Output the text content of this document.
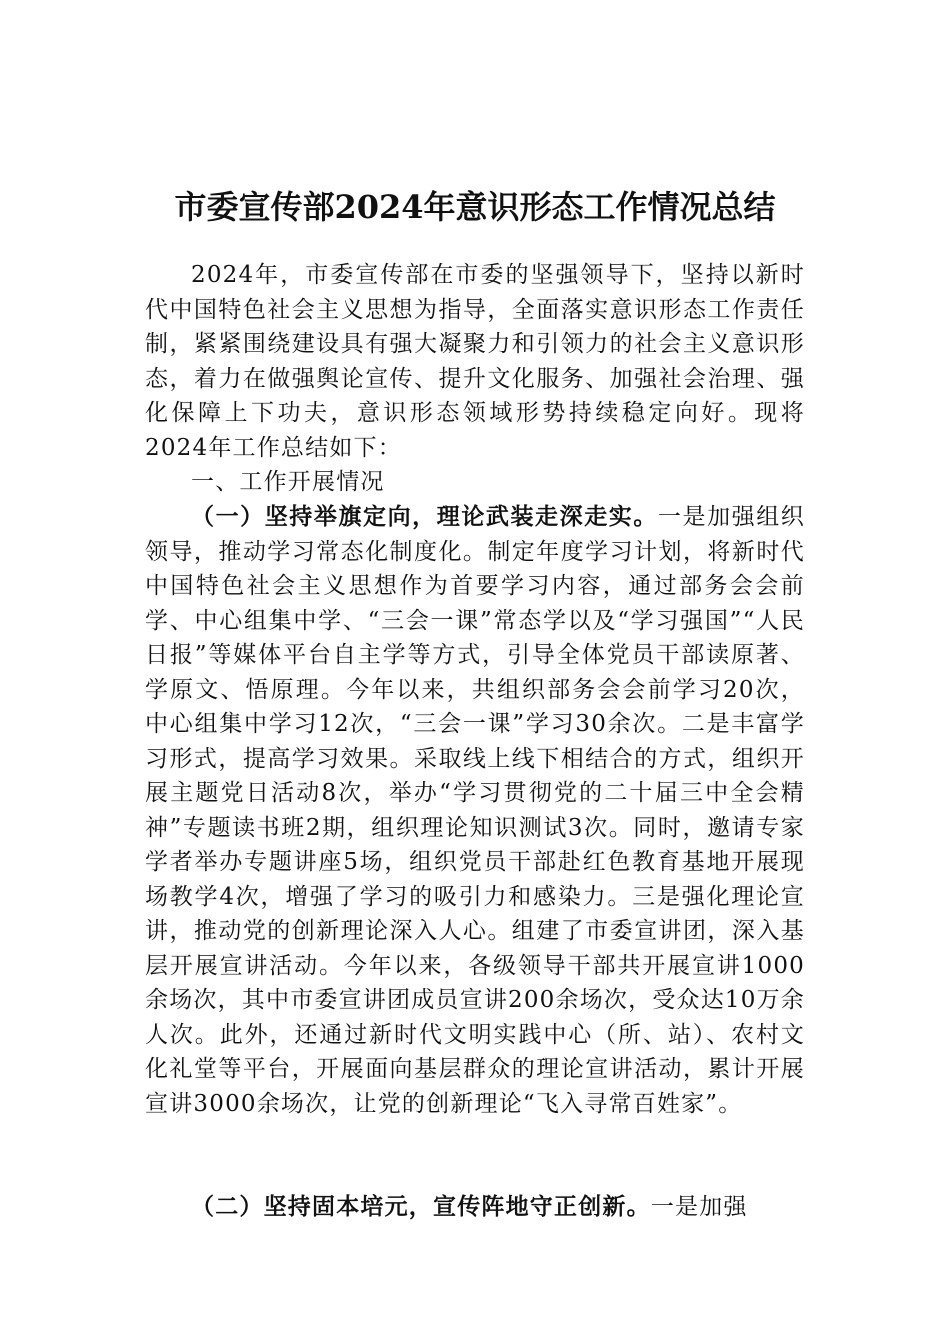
市委宣传部2024年意识形态工作情况总结

2024年，市委宣传部在市委的坚强领导下，坚持以新时代中国特色社会主义思想为指导，全面落实意识形态工作责任制，紧紧围绕建设具有强大凝聚力和引领力的社会主义意识形态，着力在做强舆论宣传、提升文化服务、加强社会治理、强化保障上下功夫，意识形态领域形势持续稳定向好。现将2024年工作总结如下：

一、工作开展情况

（一）坚持举旗定向，理论武装走深走实。一是加强组织领导，推动学习常态化制度化。制定年度学习计划，将新时代中国特色社会主义思想作为首要学习内容，通过部务会会前学、中心组集中学、“三会一课”常态学以及“学习强国”“人民日报”等媒体平台自主学等方式，引导全体党员干部读原著、学原文、悟原理。今年以来，共组织部务会会前学习20次，中心组集中学习12次，“三会一课”学习30余次。二是丰富学习形式，提高学习效果。采取线上线下相结合的方式，组织开展主题党日活动8次，举办“学习贯彻党的二十届三中全会精神”专题读书班2期，组织理论知识测试3次。同时，邀请专家学者举办专题讲座5场，组织党员干部赴红色教育基地开展现场教学4次，增强了学习的吸引力和感染力。三是强化理论宣讲，推动党的创新理论深入人心。组建了市委宣讲团，深入基层开展宣讲活动。今年以来，各级领导干部共开展宣讲1000余场次，其中市委宣讲团成员宣讲200余场次，受众达10万余人次。此外，还通过新时代文明实践中心（所、站）、农村文化礼堂等平台，开展面向基层群众的理论宣讲活动，累计开展宣讲3000余场次，让党的创新理论“飞入寻常百姓家”。

（二）坚持固本培元，宣传阵地守正创新。一是加强
